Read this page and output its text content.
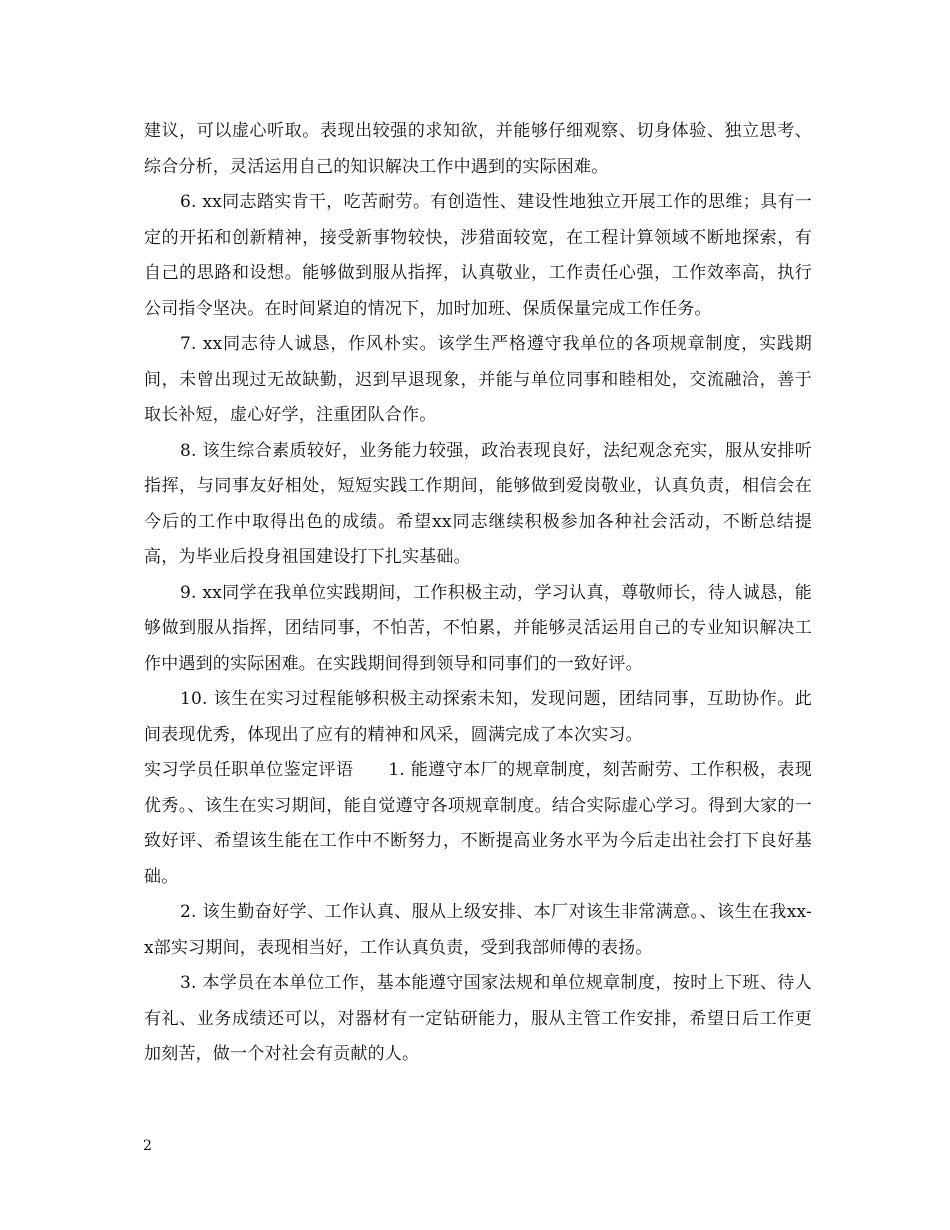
建议，可以虚心听取。表现出较强的求知欲，并能够仔细观察、切身体验、独立思考、综合分析，灵活运用自己的知识解决工作中遇到的实际困难。

6. xx同志踏实肯干，吃苦耐劳。有创造性、建设性地独立开展工作的思维；具有一定的开拓和创新精神，接受新事物较快，涉猎面较宽，在工程计算领域不断地探索，有自己的思路和设想。能够做到服从指挥，认真敬业，工作责任心强，工作效率高，执行公司指令坚决。在时间紧迫的情况下，加时加班、保质保量完成工作任务。

7. xx同志待人诚恳，作风朴实。该学生严格遵守我单位的各项规章制度，实践期间，未曾出现过无故缺勤，迟到早退现象，并能与单位同事和睦相处，交流融洽，善于取长补短，虚心好学，注重团队合作。

8. 该生综合素质较好，业务能力较强，政治表现良好，法纪观念充实，服从安排听指挥，与同事友好相处，短短实践工作期间，能够做到爱岗敬业，认真负责，相信会在今后的工作中取得出色的成绩。希望xx同志继续积极参加各种社会活动，不断总结提高，为毕业后投身祖国建设打下扎实基础。

9. xx同学在我单位实践期间，工作积极主动，学习认真，尊敬师长，待人诚恳，能够做到服从指挥，团结同事，不怕苦，不怕累，并能够灵活运用自己的专业知识解决工作中遇到的实际困难。在实践期间得到领导和同事们的一致好评。

10. 该生在实习过程能够积极主动探索未知，发现问题，团结同事，互助协作。此间表现优秀，体现出了应有的精神和风采，圆满完成了本次实习。

实习学员任职单位鉴定评语　　1. 能遵守本厂的规章制度，刻苦耐劳、工作积极，表现优秀。、该生在实习期间，能自觉遵守各项规章制度。结合实际虚心学习。得到大家的一致好评、希望该生能在工作中不断努力，不断提高业务水平为今后走出社会打下良好基础。

2. 该生勤奋好学、工作认真、服从上级安排、本厂对该生非常满意。、该生在我xx-x部实习期间，表现相当好，工作认真负责，受到我部师傅的表扬。

3. 本学员在本单位工作，基本能遵守国家法规和单位规章制度，按时上下班、待人有礼、业务成绩还可以，对器材有一定钻研能力，服从主管工作安排，希望日后工作更加刻苦，做一个对社会有贡献的人。

2
